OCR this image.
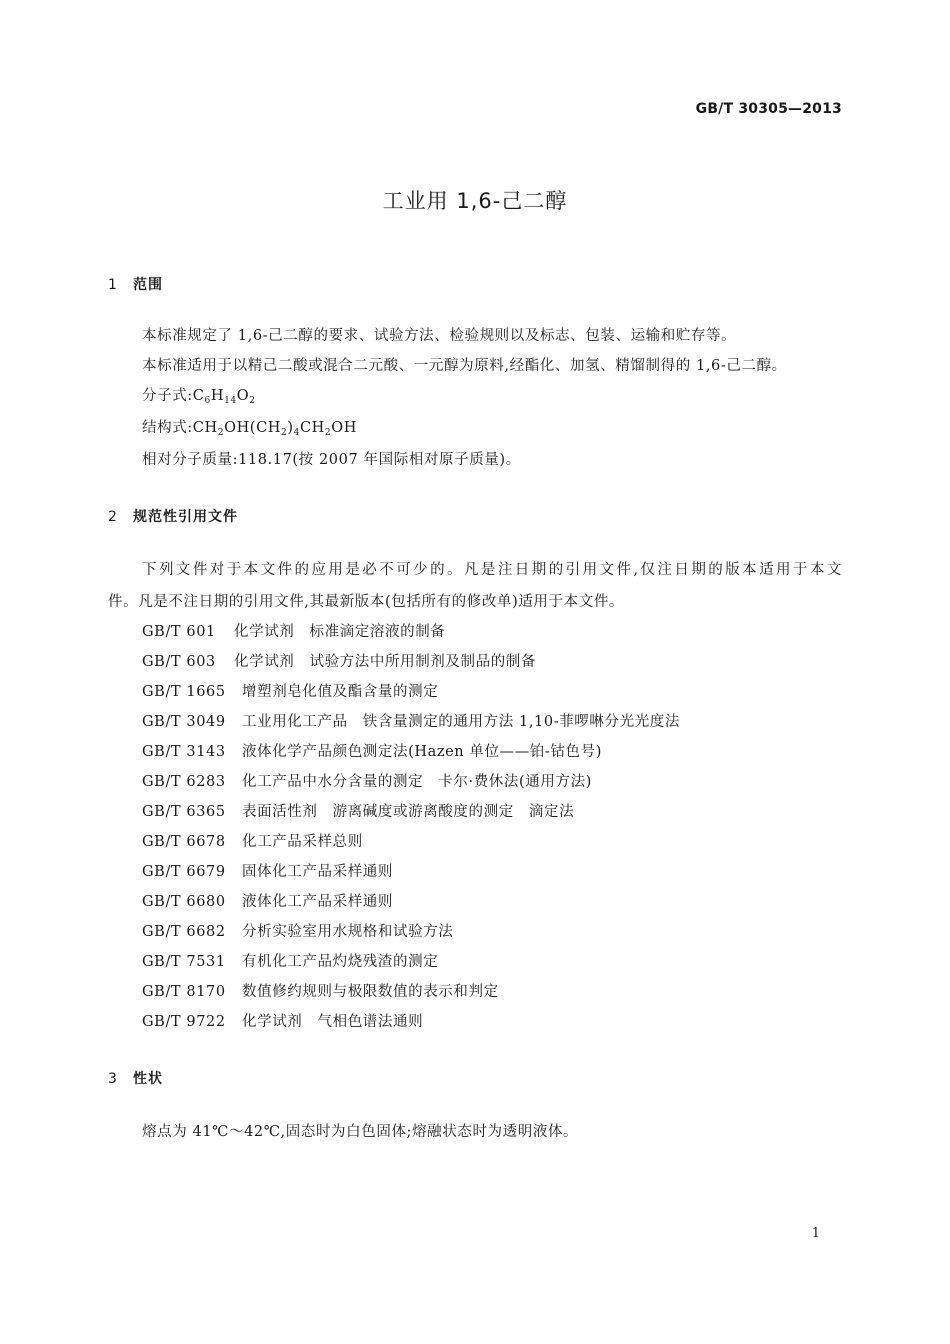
GB/T 30305—2013
工业用 1,6-己二醇
1 范围
本标准规定了 1,6-己二醇的要求、试验方法、检验规则以及标志、包装、运输和贮存等。
本标准适用于以精己二酸或混合二元酸、一元醇为原料,经酯化、加氢、精馏制得的 1,6-己二醇。
分子式$:C_6H_{14}O_2$
结构式$:CH_2OH(CH_2)_4CH_2OH$
相对分子质量:118.17(按 2007 年国际相对原子质量)。
2 规范性引用文件
下列文件对于本文件的应用是必不可少的。凡是注日期的引用文件,仅注日期的版本适用于本文
件。凡是不注日期的引用文件,其最新版本(包括所有的修改单)适用于本文件。
GB/T 601 化学试剂　标准滴定溶液的制备
GB/T 603 化学试剂　试验方法中所用制剂及制品的制备
GB/T 1665 增塑剂皂化值及酯含量的测定
GB/T 3049 工业用化工产品　铁含量测定的通用方法 1,10-菲啰啉分光光度法
GB/T 3143 液体化学产品颜色测定法(Hazen 单位——铂-钴色号)
GB/T 6283 化工产品中水分含量的测定　卡尔·费休法(通用方法)
GB/T 6365 表面活性剂　游离碱度或游离酸度的测定　滴定法
GB/T 6678 化工产品采样总则
GB/T 6679 固体化工产品采样通则
GB/T 6680 液体化工产品采样通则
GB/T 6682 分析实验室用水规格和试验方法
GB/T 7531 有机化工产品灼烧残渣的测定
GB/T 8170 数值修约规则与极限数值的表示和判定
GB/T 9722 化学试剂　气相色谱法通则
3 性状
熔点为 41℃～42℃,固态时为白色固体;熔融状态时为透明液体。
1
